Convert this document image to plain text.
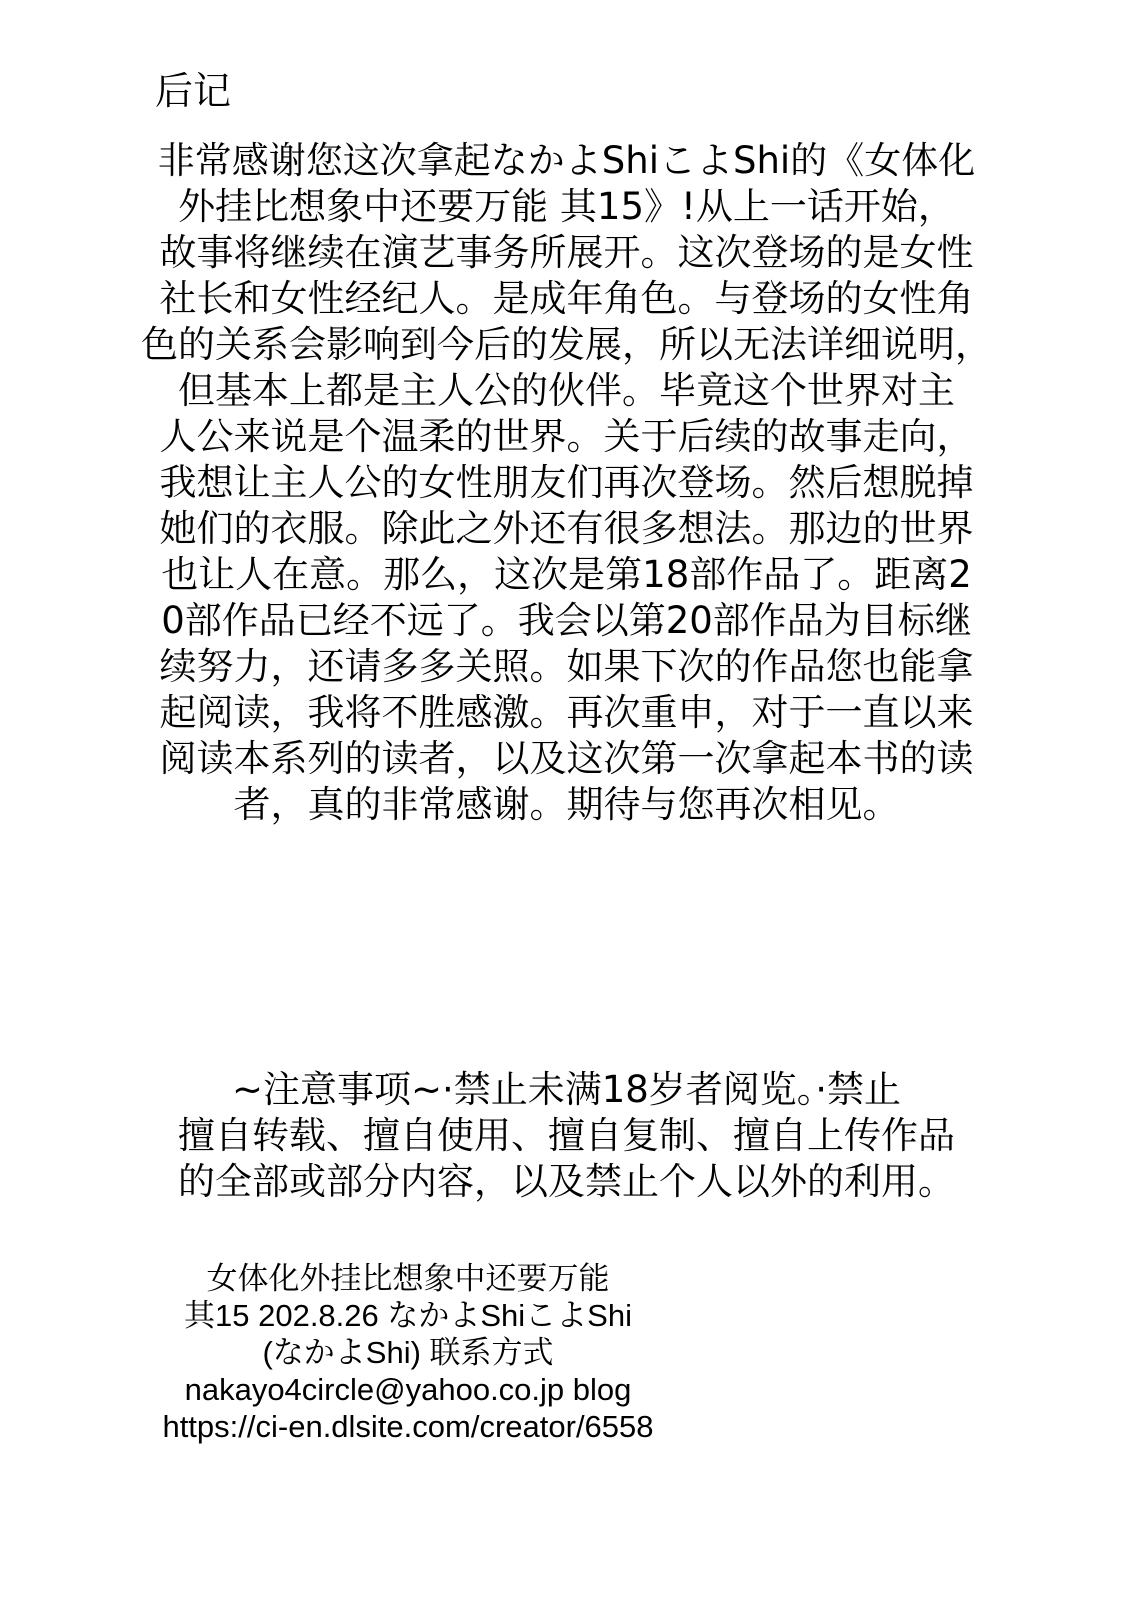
后记
非常感谢您这次拿起なかよShiこよShi的《女体化
外挂比想象中还要万能 其15》!从上一话开始，
故事将继续在演艺事务所展开。这次登场的是女性
社长和女性经纪人。是成年角色。与登场的女性角
色的关系会影响到今后的发展，所以无法详细说明，
但基本上都是主人公的伙伴。毕竟这个世界对主
人公来说是个温柔的世界。关于后续的故事走向，
我想让主人公的女性朋友们再次登场。然后想脱掉
她们的衣服。除此之外还有很多想法。那边的世界
也让人在意。那么，这次是第18部作品了。距离2
0部作品已经不远了。我会以第20部作品为目标继
续努力，还请多多关照。如果下次的作品您也能拿
起阅读，我将不胜感激。再次重申，对于一直以来
阅读本系列的读者，以及这次第一次拿起本书的读
者，真的非常感谢。期待与您再次相见。
~注意事项~·禁止未满18岁者阅览。·禁止
擅自转载、擅自使用、擅自复制、擅自上传作品
的全部或部分内容，以及禁止个人以外的利用。
女体化外挂比想象中还要万能
其15 202.8.26 なかよShiこよShi
(なかよShi) 联系方式
nakayo4circle@yahoo.co.jp blog
https://ci-en.dlsite.com/creator/6558
